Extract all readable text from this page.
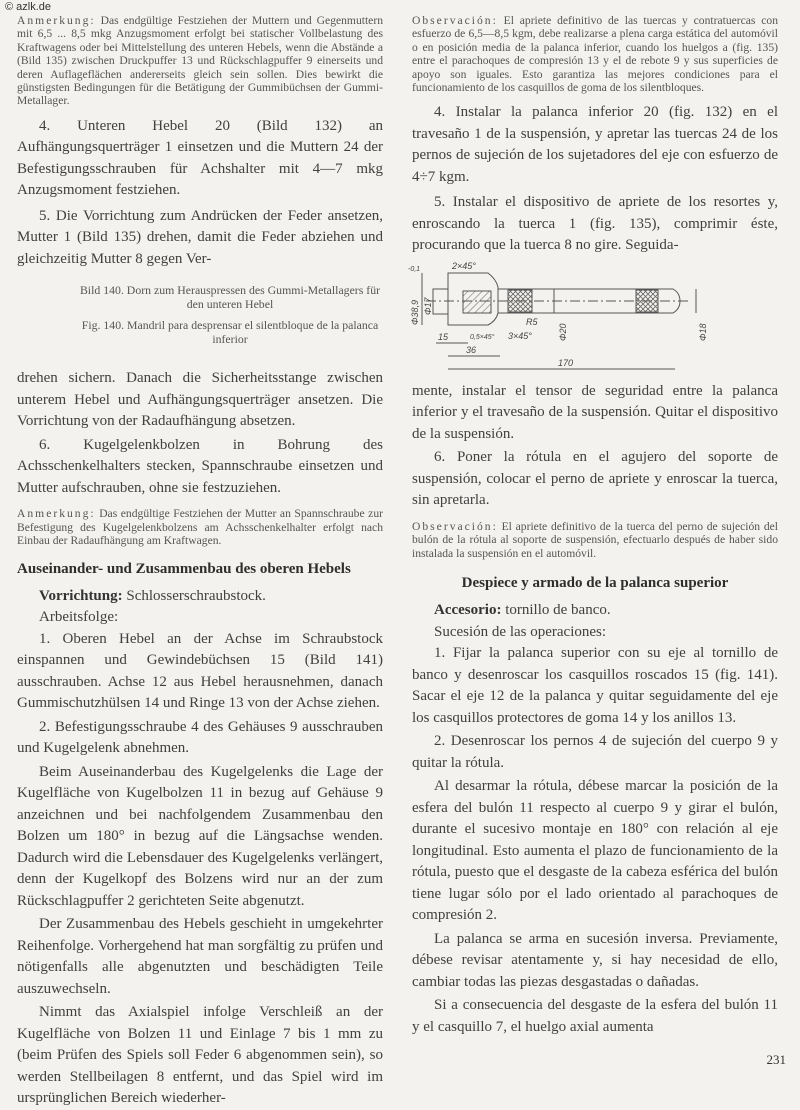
© azlk.de
Anmerkung: Das endgültige Festziehen der Muttern und Gegenmuttern mit 6,5 ... 8,5 mkg Anzugsmoment erfolgt bei statischer Vollbelastung des Kraftwagens oder bei Mittelstellung des unteren Hebels, wenn die Abstände a (Bild 135) zwischen Druckpuffer 13 und Rückschlagpuffer 9 einerseits und deren Auflageflächen andererseits gleich sein sollen. Dies bewirkt die günstigsten Bedingungen für die Betätigung der Gummibüchsen der Gummi-Metallager.
4. Unteren Hebel 20 (Bild 132) an Aufhängungsquerträger 1 einsetzen und die Muttern 24 der Befestigungsschrauben für Achshalter mit 4—7 mkg Anzugsmoment festziehen.
5. Die Vorrichtung zum Andrücken der Feder ansetzen, Mutter 1 (Bild 135) drehen, damit die Feder abziehen und gleichzeitig Mutter 8 gegen Ver-
Bild 140. Dorn zum Herauspressen des Gummi-Metallagers für den unteren Hebel
Fig. 140. Mandril para desprensar el silentbloque de la palanca inferior
drehen sichern. Danach die Sicherheitsstange zwischen unterem Hebel und Aufhängungsquerträger ansetzen. Die Vorrichtung von der Radaufhängung absetzen.
6. Kugelgelenkbolzen in Bohrung des Achsschenkelhalters stecken, Spannschraube einsetzen und Mutter aufschrauben, ohne sie festzuziehen.
Anmerkung: Das endgültige Festziehen der Mutter an Spannschraube zur Befestigung des Kugelgelenkbolzens am Achsschenkelhalter erfolgt nach Einbau der Radaufhängung am Kraftwagen.
Auseinander- und Zusammenbau des oberen Hebels
Vorrichtung: Schlosserschraubstock.
Arbeitsfolge:
1. Oberen Hebel an der Achse im Schraubstock einspannen und Gewindebüchsen 15 (Bild 141) ausschrauben. Achse 12 aus Hebel herausnehmen, danach Gummischutzhülsen 14 und Ringe 13 von der Achse ziehen.
2. Befestigungsschraube 4 des Gehäuses 9 ausschrauben und Kugelgelenk abnehmen.
Beim Auseinanderbau des Kugelgelenks die Lage der Kugelfläche von Kugelbolzen 11 in bezug auf Gehäuse 9 anzeichnen und bei nachfolgendem Zusammenbau den Bolzen um 180° in bezug auf die Längsachse wenden. Dadurch wird die Lebensdauer des Kugelgelenks verlängert, denn der Kugelkopf des Bolzens wird nur an der zum Rückschlagpuffer 2 gerichteten Seite abgenutzt.
Der Zusammenbau des Hebels geschieht in umgekehrter Reihenfolge. Vorhergehend hat man sorgfältig zu prüfen und nötigenfalls alle abgenutzten und beschädigten Teile auszuwechseln.
Nimmt das Axialspiel infolge Verschleiß an der Kugelfläche von Bolzen 11 und Einlage 7 bis 1 mm zu (beim Prüfen des Spiels soll Feder 6 abgenommen sein), so werden Stellbeilagen 8 entfernt, und das Spiel wird im ursprünglichen Bereich wiederher-
Observación: El apriete definitivo de las tuercas y contratuercas con esfuerzo de 6,5—8,5 kgm, debe realizarse a plena carga estática del automóvil o en posición media de la palanca inferior, cuando los huelgos a (fig. 135) entre el parachoques de compresión 13 y el de rebote 9 y sus superficies de apoyo son iguales. Esto garantiza las mejores condiciones para el funcionamiento de los casquillos de goma de los silentbloques.
4. Instalar la palanca inferior 20 (fig. 132) en el travesaño 1 de la suspensión, y apretar las tuercas 24 de los pernos de sujeción de los sujetadores del eje con esfuerzo de 4÷7 kgm.
5. Instalar el dispositivo de apriete de los resortes y, enroscando la tuerca 1 (fig. 135), comprimir éste, procurando que la tuerca 8 no gire. Seguida-
mente, instalar el tensor de seguridad entre la palanca inferior y el travesaño de la suspensión. Quitar el dispositivo de la suspensión.
6. Poner la rótula en el agujero del soporte de suspensión, colocar el perno de apriete y enroscar la tuerca, sin apretarla.
Observación: El apriete definitivo de la tuerca del perno de sujeción del bulón de la rótula al soporte de suspensión, efectuarlo después de haber sido instalada la suspensión en el automóvil.
Despiece y armado de la palanca superior
Accesorio: tornillo de banco.
Sucesión de las operaciones:
1. Fijar la palanca superior con su eje al tornillo de banco y desenroscar los casquillos roscados 15 (fig. 141). Sacar el eje 12 de la palanca y quitar seguidamente del eje los casquillos protectores de goma 14 y los anillos 13.
2. Desenroscar los pernos 4 de sujeción del cuerpo 9 y quitar la rótula.
Al desarmar la rótula, débese marcar la posición de la esfera del bulón 11 respecto al cuerpo 9 y girar el bulón, durante el sucesivo montaje en 180° con relación al eje longitudinal. Esto aumenta el plazo de funcionamiento de la rótula, puesto que el desgaste de la cabeza esférica del bulón tiene lugar sólo por el lado orientado al parachoques de compresión 2.
La palanca se arma en sucesión inversa. Previamente, débese revisar atentamente y, si hay necesidad de ello, cambiar todas las piezas desgastadas o dañadas.
Si a consecuencia del desgaste de la esfera del bulón 11 y el casquillo 7, el huelgo axial aumenta
2×45°
Φ38,9
-0,1
Φ17
R5
Φ20	Φ18
0,5×45° 3×45°
15
36
170
231
